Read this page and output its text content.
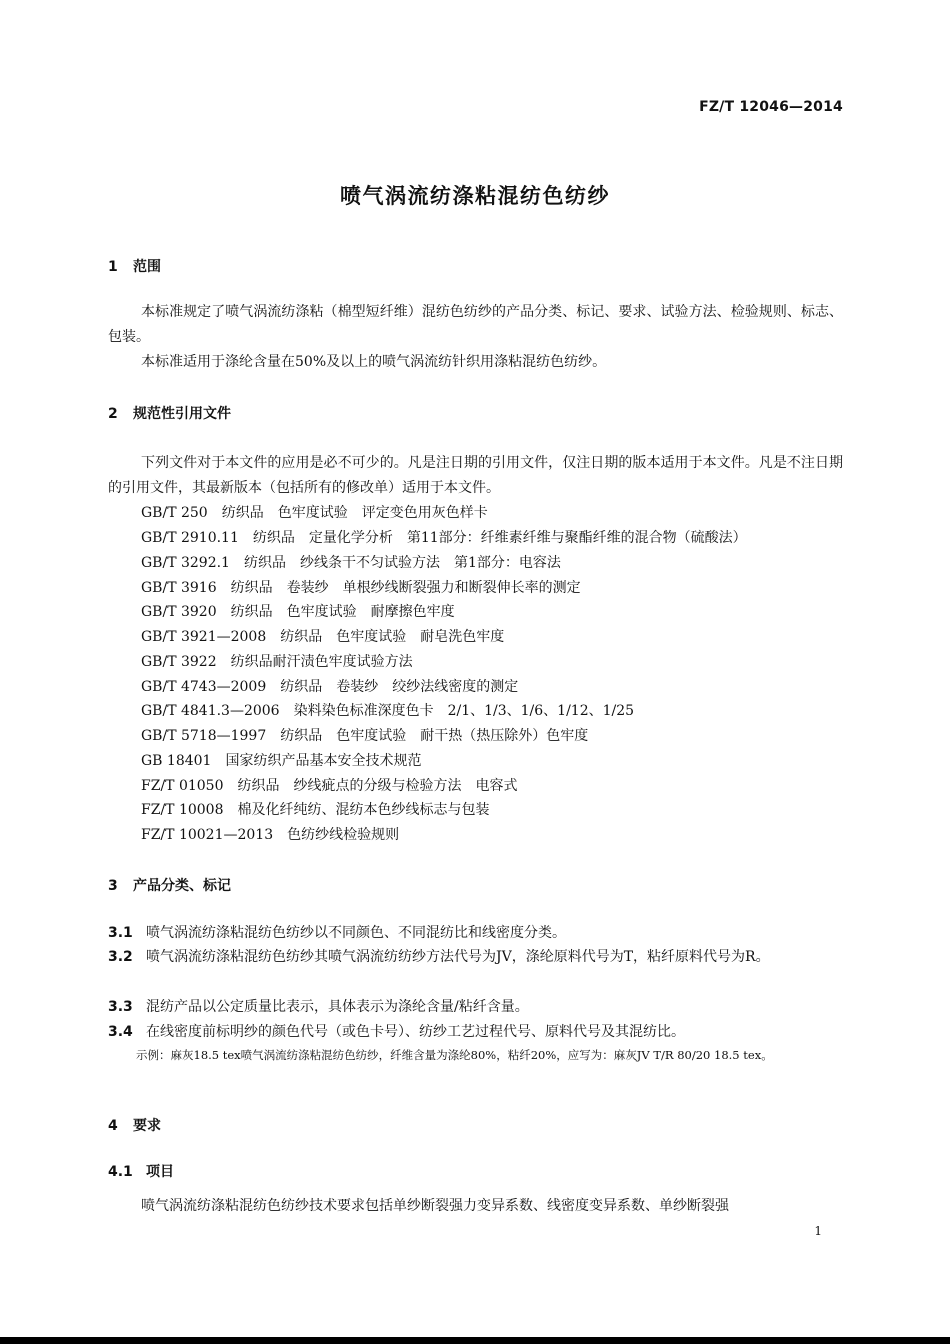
FZ/T 12046—2014
喷气涡流纺涤粘混纺色纺纱
1 范围
本标准规定了喷气涡流纺涤粘（棉型短纤维）混纺色纺纱的产品分类、标记、要求、试验方法、检验规则、标志、包装。
本标准适用于涤纶含量在50%及以上的喷气涡流纺针织用涤粘混纺色纺纱。
2 规范性引用文件
下列文件对于本文件的应用是必不可少的。凡是注日期的引用文件，仅注日期的版本适用于本文件。凡是不注日期的引用文件，其最新版本（包括所有的修改单）适用于本文件。
GB/T 250　纺织品　色牢度试验　评定变色用灰色样卡
GB/T 2910.11　纺织品　定量化学分析　第11部分：纤维素纤维与聚酯纤维的混合物（硫酸法）
GB/T 3292.1　纺织品　纱线条干不匀试验方法　第1部分：电容法
GB/T 3916　纺织品　卷装纱　单根纱线断裂强力和断裂伸长率的测定
GB/T 3920　纺织品　色牢度试验　耐摩擦色牢度
GB/T 3921—2008　纺织品　色牢度试验　耐皂洗色牢度
GB/T 3922　纺织品耐汗渍色牢度试验方法
GB/T 4743—2009　纺织品　卷装纱　绞纱法线密度的测定
GB/T 4841.3—2006　染料染色标准深度色卡　2/1、1/3、1/6、1/12、1/25
GB/T 5718—1997　纺织品　色牢度试验　耐干热（热压除外）色牢度
GB 18401　国家纺织产品基本安全技术规范
FZ/T 01050　纺织品　纱线疵点的分级与检验方法　电容式
FZ/T 10008　棉及化纤纯纺、混纺本色纱线标志与包装
FZ/T 10021—2013　色纺纱线检验规则
3 产品分类、标记
3.1 喷气涡流纺涤粘混纺色纺纱以不同颜色、不同混纺比和线密度分类。
3.2 喷气涡流纺涤粘混纺色纺纱其喷气涡流纺纺纱方法代号为JV，涤纶原料代号为T，粘纤原料代号为R。
3.3 混纺产品以公定质量比表示，具体表示为涤纶含量/粘纤含量。
3.4 在线密度前标明纱的颜色代号（或色卡号）、纺纱工艺过程代号、原料代号及其混纺比。
示例：麻灰18.5 tex喷气涡流纺涤粘混纺色纺纱，纤维含量为涤纶80%，粘纤20%，应写为：麻灰JV T/R 80/20 18.5 tex。
4 要求
4.1 项目
喷气涡流纺涤粘混纺色纺纱技术要求包括单纱断裂强力变异系数、线密度变异系数、单纱断裂强
1
